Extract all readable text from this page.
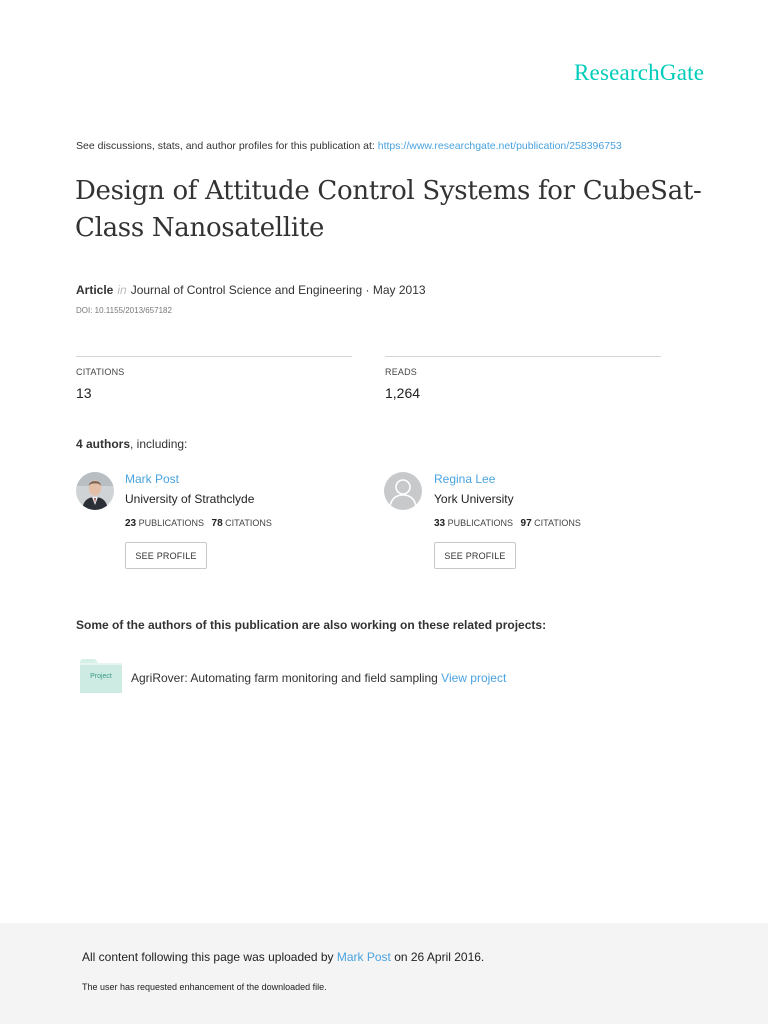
ResearchGate
See discussions, stats, and author profiles for this publication at: https://www.researchgate.net/publication/258396753
Design of Attitude Control Systems for CubeSat-
Class Nanosatellite
Article in Journal of Control Science and Engineering · May 2013
DOI: 10.1155/2013/657182
CITATIONS
13
READS
1,264
4 authors, including:
Mark Post
University of Strathclyde
23 PUBLICATIONS 78 CITATIONS
SEE PROFILE
Regina Lee
York University
33 PUBLICATIONS 97 CITATIONS
SEE PROFILE
Some of the authors of this publication are also working on these related projects:
Project	AgriRover: Automating farm monitoring and field sampling View project
All content following this page was uploaded by Mark Post on 26 April 2016.
The user has requested enhancement of the downloaded file.
